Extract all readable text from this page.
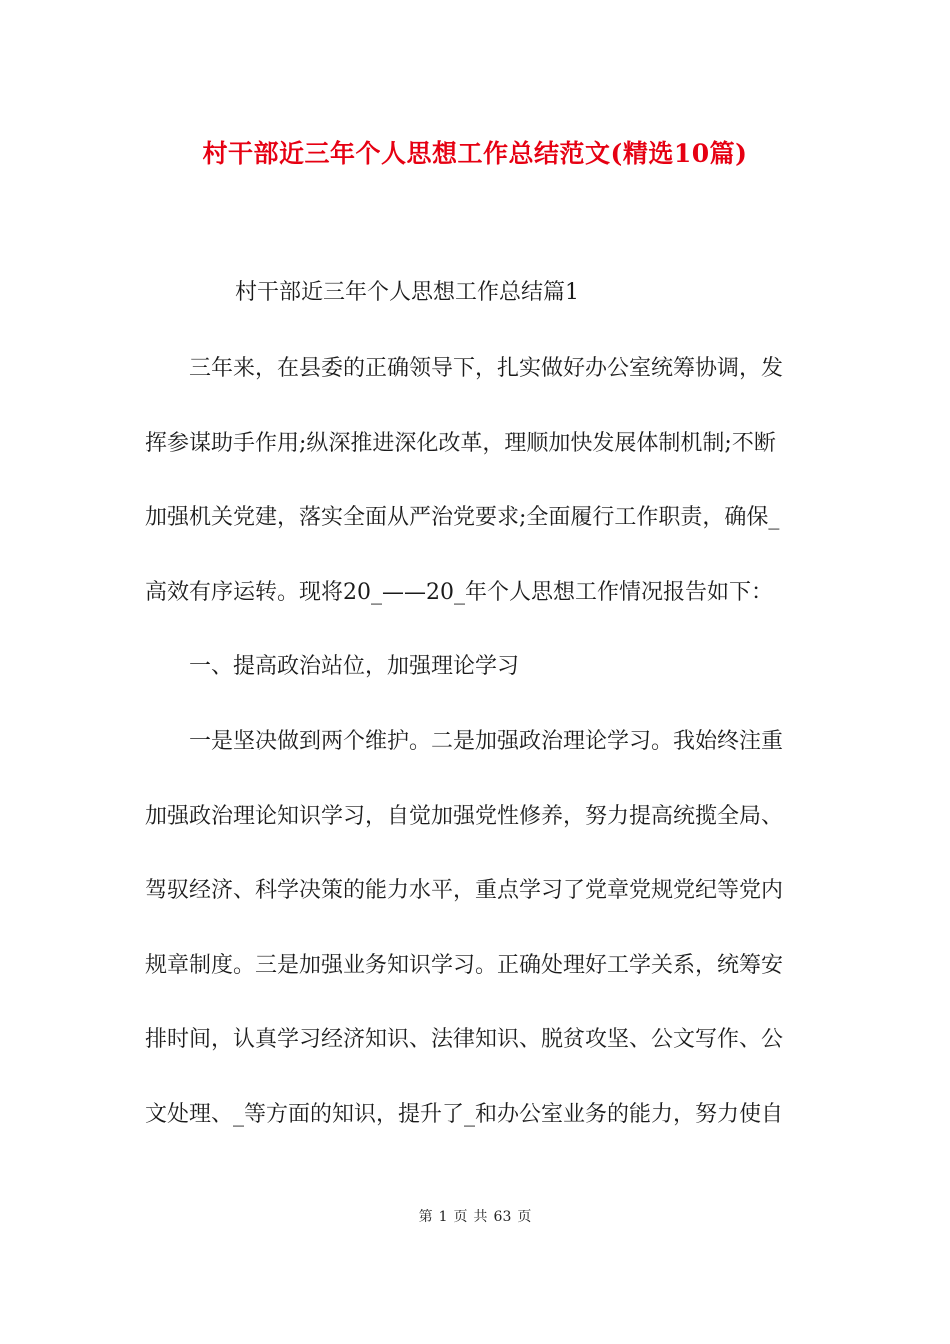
村干部近三年个人思想工作总结范文(精选10篇)
村干部近三年个人思想工作总结篇1
三年来，在县委的正确领导下，扎实做好办公室统筹协调，发
挥参谋助手作用;纵深推进深化改革，理顺加快发展体制机制;不断
加强机关党建，落实全面从严治党要求;全面履行工作职责，确保_
高效有序运转。现将20_——20_年个人思想工作情况报告如下：
一、提高政治站位，加强理论学习
一是坚决做到两个维护。二是加强政治理论学习。我始终注重
加强政治理论知识学习，自觉加强党性修养，努力提高统揽全局、
驾驭经济、科学决策的能力水平，重点学习了党章党规党纪等党内
规章制度。三是加强业务知识学习。正确处理好工学关系，统筹安
排时间，认真学习经济知识、法律知识、脱贫攻坚、公文写作、公
文处理、_等方面的知识，提升了_和办公室业务的能力，努力使自
第 1 页 共 63 页
